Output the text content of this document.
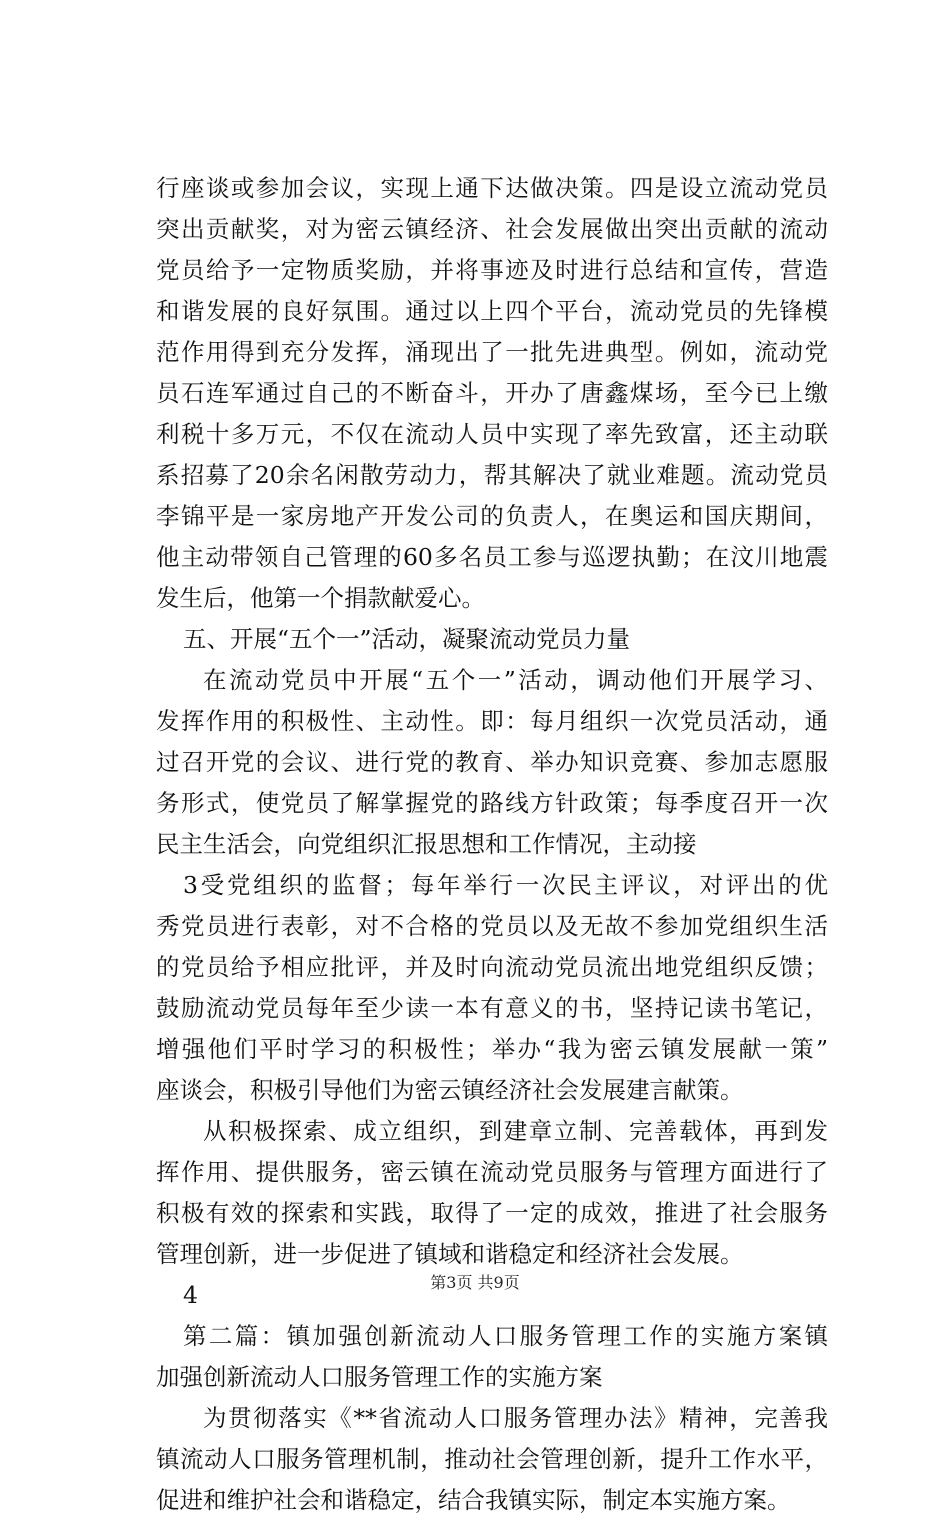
行座谈或参加会议，实现上通下达做决策。四是设立流动党员
突出贡献奖，对为密云镇经济、社会发展做出突出贡献的流动
党员给予一定物质奖励，并将事迹及时进行总结和宣传，营造
和谐发展的良好氛围。通过以上四个平台，流动党员的先锋模
范作用得到充分发挥，涌现出了一批先进典型。例如，流动党
员石连军通过自己的不断奋斗，开办了唐鑫煤场，至今已上缴
利税十多万元，不仅在流动人员中实现了率先致富，还主动联
系招募了20余名闲散劳动力，帮其解决了就业难题。流动党员
李锦平是一家房地产开发公司的负责人，在奥运和国庆期间，
他主动带领自己管理的60多名员工参与巡逻执勤；在汶川地震
发生后，他第一个捐款献爱心。
五、开展“五个一”活动，凝聚流动党员力量
在流动党员中开展“五个一”活动，调动他们开展学习、
发挥作用的积极性、主动性。即：每月组织一次党员活动，通
过召开党的会议、进行党的教育、举办知识竞赛、参加志愿服
务形式，使党员了解掌握党的路线方针政策；每季度召开一次
民主生活会，向党组织汇报思想和工作情况，主动接
3受党组织的监督；每年举行一次民主评议，对评出的优
秀党员进行表彰，对不合格的党员以及无故不参加党组织生活
的党员给予相应批评，并及时向流动党员流出地党组织反馈；
鼓励流动党员每年至少读一本有意义的书，坚持记读书笔记，
增强他们平时学习的积极性；举办“我为密云镇发展献一策”
座谈会，积极引导他们为密云镇经济社会发展建言献策。
从积极探索、成立组织，到建章立制、完善载体，再到发
挥作用、提供服务，密云镇在流动党员服务与管理方面进行了
积极有效的探索和实践，取得了一定的成效，推进了社会服务
管理创新，进一步促进了镇域和谐稳定和经济社会发展。
4
第二篇：镇加强创新流动人口服务管理工作的实施方案镇
加强创新流动人口服务管理工作的实施方案
为贯彻落实《**省流动人口服务管理办法》精神，完善我
镇流动人口服务管理机制，推动社会管理创新，提升工作水平，
促进和维护社会和谐稳定，结合我镇实际，制定本实施方案。
第3页 共9页
